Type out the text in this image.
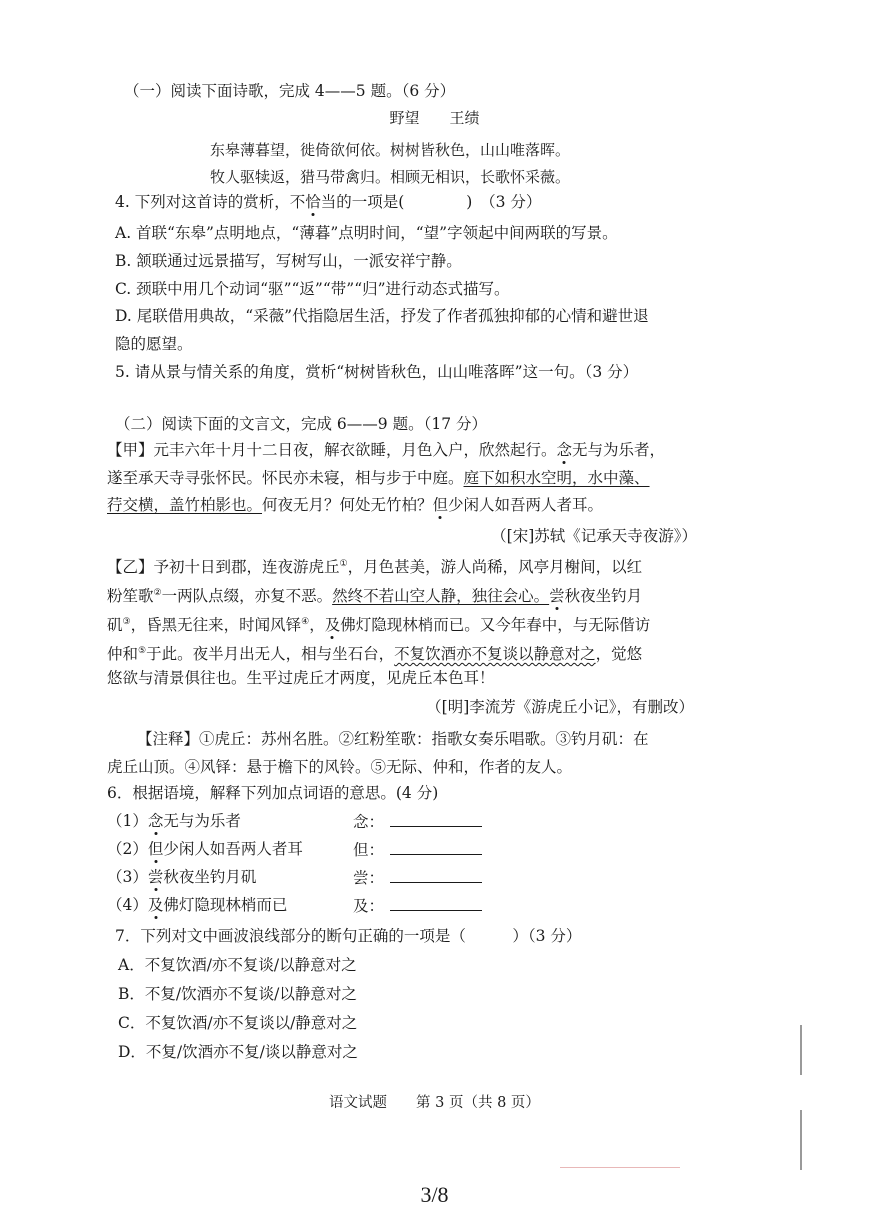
（一）阅读下面诗歌，完成 4——5 题。（6 分）
野望　　王绩
东皋薄暮望，徙倚欲何依。树树皆秋色，山山唯落晖。
牧人驱犊返，猎马带禽归。相顾无相识，长歌怀采薇。
4. 下列对这首诗的赏析，不恰当的一项是(　　　　)　（3 分）
A. 首联“东皋”点明地点，“薄暮”点明时间，“望”字领起中间两联的写景。
B. 颔联通过远景描写，写树写山，一派安祥宁静。
C. 颈联中用几个动词“驱”“返”“带”“归”进行动态式描写。
D. 尾联借用典故，“采薇”代指隐居生活，抒发了作者孤独抑郁的心情和避世退
隐的愿望。
5. 请从景与情关系的角度，赏析“树树皆秋色，山山唯落晖”这一句。（3 分）
（二）阅读下面的文言文，完成 6——9 题。（17 分）
【甲】元丰六年十月十二日夜，解衣欲睡，月色入户，欣然起行。念无与为乐者，
遂至承天寺寻张怀民。怀民亦未寝，相与步于中庭。庭下如积水空明，水中藻、
荇交横，盖竹柏影也。何夜无月？何处无竹柏？但少闲人如吾两人者耳。
（[宋]苏轼《记承天寺夜游》）
【乙】予初十日到郡，连夜游虎丘①，月色甚美，游人尚稀，风亭月榭间，以红
粉笙歌②一两队点缀，亦复不恶。然终不若山空人静，独往会心。尝秋夜坐钓月
矶③，昏黑无往来，时闻风铎④，及佛灯隐现林梢而已。又今年春中，与无际偕访
仲和⑤于此。夜半月出无人，相与坐石台，不复饮酒亦不复谈以静意对之，觉悠
悠欲与清景俱往也。生平过虎丘才两度，见虎丘本色耳！
（[明]李流芳《游虎丘小记》，有删改）
【注释】①虎丘：苏州名胜。②红粉笙歌：指歌女奏乐唱歌。③钓月矶：在
虎丘山顶。④风铎：悬于檐下的风铃。⑤无际、仲和，作者的友人。
6．根据语境，解释下列加点词语的意思。(4 分)
（1）念无与为乐者	念：
（2）但少闲人如吾两人者耳	但：
（3）尝秋夜坐钓月矶	尝：
（4）及佛灯隐现林梢而已	及：
7．下列对文中画波浪线部分的断句正确的一项是（　　　）（3 分）
A．不复饮酒/亦不复谈/以静意对之
B．不复/饮酒亦不复谈/以静意对之
C．不复饮酒/亦不复谈以/静意对之
D．不复/饮酒亦不复/谈以静意对之
语文试题　　第 3 页（共 8 页）
3/8
